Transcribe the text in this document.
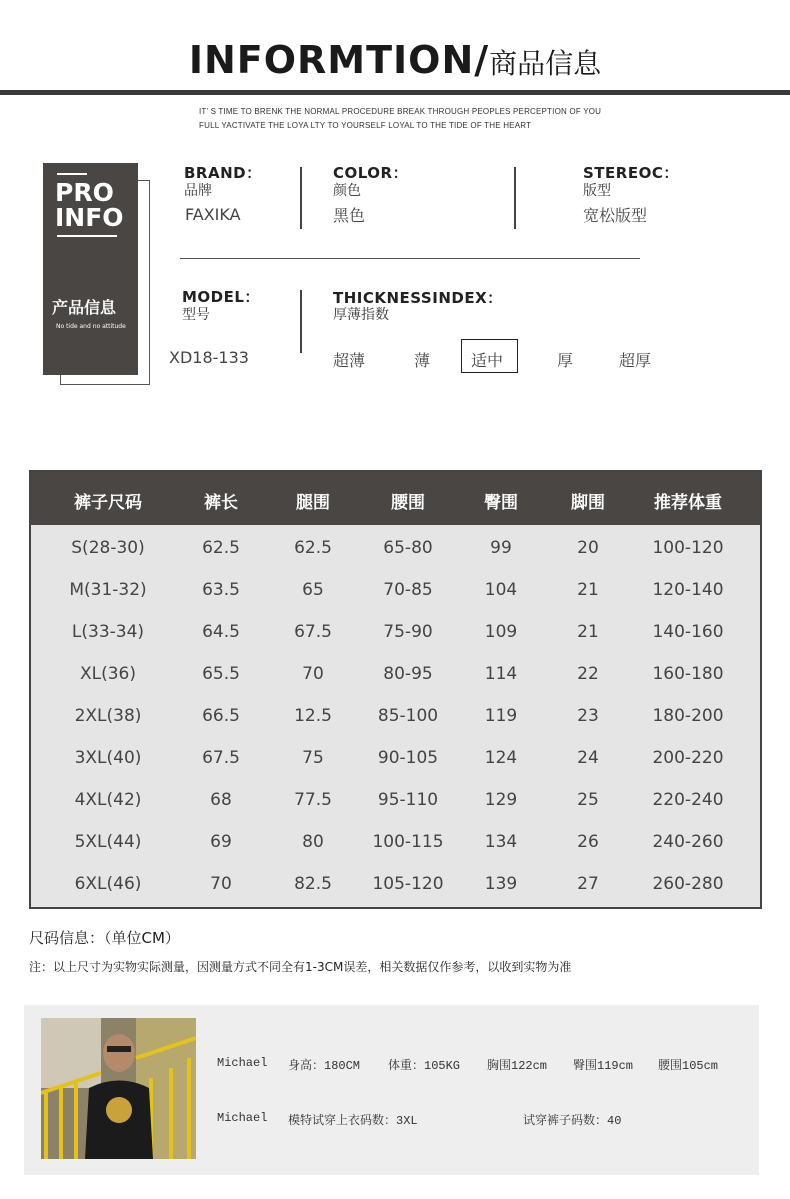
INFORMTION/商品信息
IT’ S TIME TO BRENK THE NORMAL PROCEDURE BREAK THROUGH PEOPLES PERCEPTION OF YOU
FULL YACTIVATE THE LOYA LTY TO YOURSELF LOYAL TO THE TIDE OF THE HEART
PRO
INFO
产品信息
No tide and no attitude
BRAND：
品牌
FAXIKA
COLOR：
颜色
黑色
STEREOC：
版型
宽松版型
MODEL：
型号
XD18-133
THICKNESSINDEX：
厚薄指数
超薄	薄	适中	厚	超厚
裤子尺码	裤长	腿围	腰围	臀围	脚围	推荐体重
S(28-30)	62.5	62.5	65-80	99	20	100-120
M(31-32)	63.5	65	70-85	104	21	120-140
L(33-34)	64.5	67.5	75-90	109	21	140-160
XL(36)	65.5	70	80-95	114	22	160-180
2XL(38)	66.5	12.5	85-100	119	23	180-200
3XL(40)	67.5	75	90-105	124	24	200-220
4XL(42)	68	77.5	95-110	129	25	220-240
5XL(44)	69	80	100-115	134	26	240-260
6XL(46)	70	82.5	105-120	139	27	260-280
尺码信息：（单位CM）
注：以上尺寸为实物实际测量，因测量方式不同全有1-3CM误差，相关数据仅作参考，以收到实物为准
Michael 身高：180CM 体重：105KG 胸围122cm 臀围119cm 腰围105cm
Michael 模特试穿上衣码数：3XL	试穿裤子码数：40
